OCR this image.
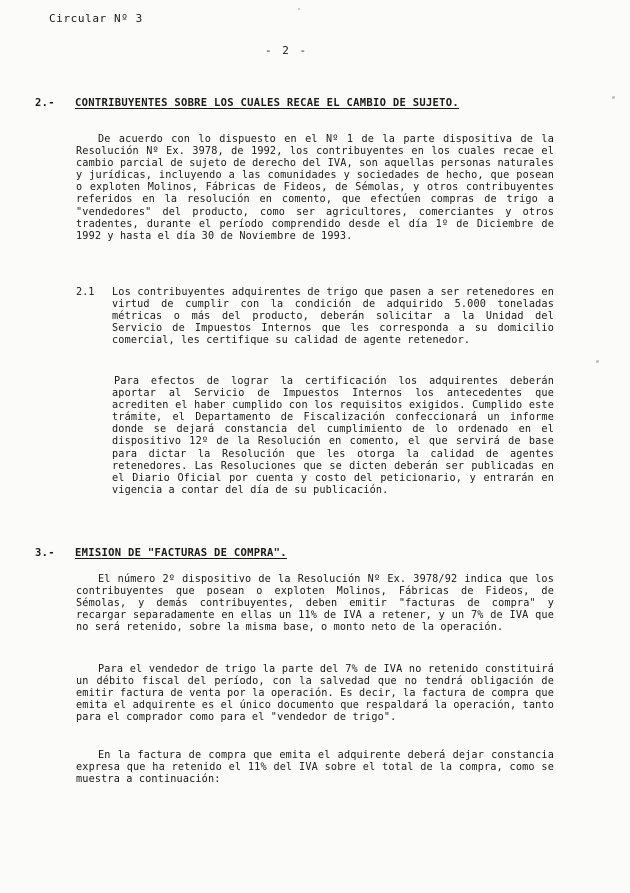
Circular Nº 3
- 2 -
2.- CONTRIBUYENTES SOBRE LOS CUALES RECAE EL CAMBIO DE SUJETO.

De acuerdo con lo dispuesto en el Nº 1 de la parte dispositiva de la Resolución Nº Ex. 3978, de 1992, los contribuyentes en los cuales recae el cambio parcial de sujeto de derecho del IVA, son aquellas personas naturales y jurídicas, incluyendo a las comunidades y sociedades de hecho, que posean o exploten Molinos, Fábricas de Fideos, de Sémolas, y otros contribuyentes referidos en la resolución en comento, que efectúen compras de trigo a "vendedores" del producto, como ser agricultores, comerciantes y otros tradentes, durante el período comprendido desde el día 1º de Diciembre de 1992 y hasta el día 30 de Noviembre de 1993.

2.1 Los contribuyentes adquirentes de trigo que pasen a ser retenedores en virtud de cumplir con la condición de adquirido 5.000 toneladas métricas o más del producto, deberán solicitar a la Unidad del Servicio de Impuestos Internos que les corresponda a su domicilio comercial, les certifique su calidad de agente retenedor.

Para efectos de lograr la certificación los adquirentes deberán aportar al Servicio de Impuestos Internos los antecedentes que acrediten el haber cumplido con los requisitos exigidos. Cumplido este trámite, el Departamento de Fiscalización confeccionará un informe donde se dejará constancia del cumplimiento de lo ordenado en el dispositivo 12º de la Resolución en comento, el que servirá de base para dictar la Resolución que les otorga la calidad de agentes retenedores. Las Resoluciones que se dicten deberán ser publicadas en el Diario Oficial por cuenta y costo del peticionario, y entrarán en vigencia a contar del día de su publicación.

3.- EMISION DE "FACTURAS DE COMPRA".

El número 2º dispositivo de la Resolución Nº Ex. 3978/92 indica que los contribuyentes que posean o exploten Molinos, Fábricas de Fideos, de Sémolas, y demás contribuyentes, deben emitir "facturas de compra" y recargar separadamente en ellas un 11% de IVA a retener, y un 7% de IVA que no será retenido, sobre la misma base, o monto neto de la operación.

Para el vendedor de trigo la parte del 7% de IVA no retenido constituirá un débito fiscal del período, con la salvedad que no tendrá obligación de emitir factura de venta por la operación. Es decir, la factura de compra que emita el adquirente es el único documento que respaldará la operación, tanto para el comprador como para el "vendedor de trigo".

En la factura de compra que emita el adquirente deberá dejar constancia expresa que ha retenido el 11% del IVA sobre el total de la compra, como se muestra a continuación:
